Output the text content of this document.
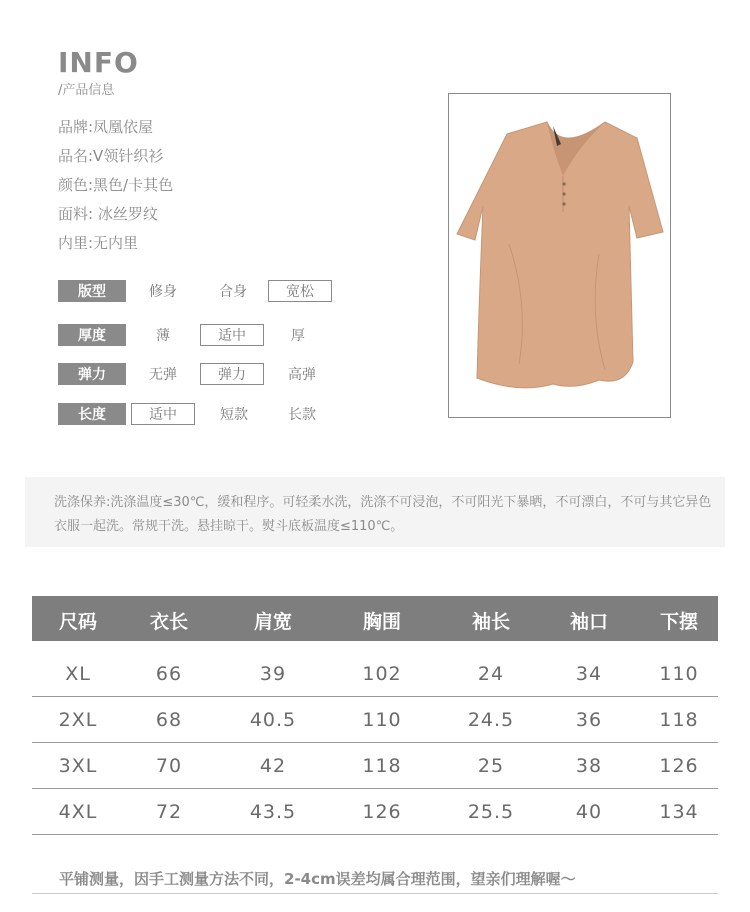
INFO
/产品信息
品牌:凤凰依屋
品名:V领针织衫
颜色:黑色/卡其色
面料: 冰丝罗纹
内里:无内里
版型	修身	合身	宽松
厚度	薄	适中	厚
弹力	无弹	弹力	高弹
长度	适中	短款	长款
洗涤保养:洗涤温度≤30℃，缓和程序。可轻柔水洗，洗涤不可浸泡，不可阳光下暴晒，不可漂白，不可与其它异色衣服一起洗。常规干洗。悬挂晾干。熨斗底板温度≤110℃。
尺码	衣长	肩宽	胸围	袖长	袖口	下摆
XL	66	39	102	24	34	110
2XL	68	40.5	110	24.5	36	118
3XL	70	42	118	25	38	126
4XL	72	43.5	126	25.5	40	134
平铺测量，因手工测量方法不同，2-4cm误差均属合理范围，望亲们理解喔～
